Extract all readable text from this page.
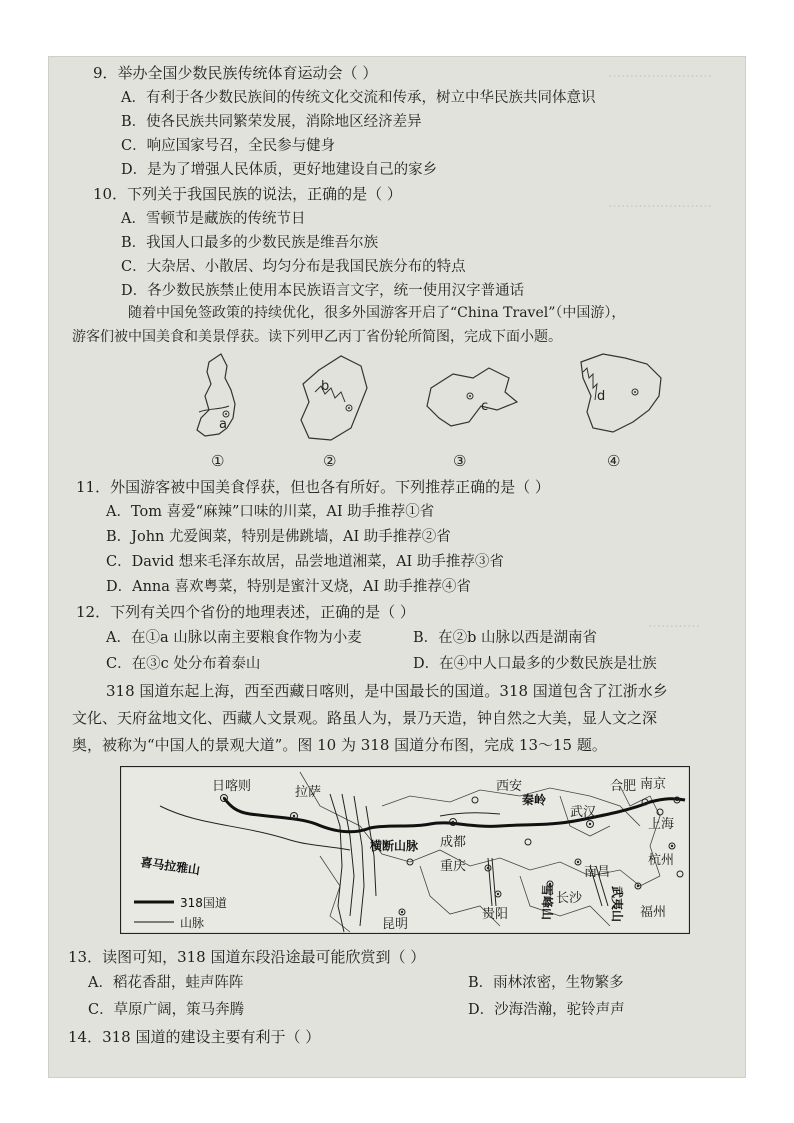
……………………
……………………
…………
9．举办全国少数民族传统体育运动会（ ）
A．有利于各少数民族间的传统文化交流和传承，树立中华民族共同体意识
B．使各民族共同繁荣发展，消除地区经济差异
C．响应国家号召，全民参与健身
D．是为了增强人民体质，更好地建设自己的家乡
10．下列关于我国民族的说法，正确的是（ ）
A．雪顿节是藏族的传统节日
B．我国人口最多的少数民族是维吾尔族
C．大杂居、小散居、均匀分布是我国民族分布的特点
D．各少数民族禁止使用本民族语言文字，统一使用汉字普通话
随着中国免签政策的持续优化，很多外国游客开启了“China Travel”（中国游），
游客们被中国美食和美景俘获。读下列甲乙丙丁省份轮所简图，完成下面小题。
a
①
b
②
c
③
d
④
11．外国游客被中国美食俘获，但也各有所好。下列推荐正确的是（ ）
A．Tom 喜爱“麻辣”口味的川菜，AI 助手推荐①省
B．John 尤爱闽菜，特别是佛跳墙，AI 助手推荐②省
C．David 想来毛泽东故居，品尝地道湘菜，AI 助手推荐③省
D．Anna 喜欢粤菜，特别是蜜汁叉烧，AI 助手推荐④省
12．下列有关四个省份的地理表述，正确的是（ ）
A．在①a 山脉以南主要粮食作物为小麦	B．在②b 山脉以西是湖南省
C．在③c 处分布着泰山	D．在④中人口最多的少数民族是壮族
318 国道东起上海，西至西藏日喀则，是中国最长的国道。318 国道包含了江浙水乡
文化、天府盆地文化、西藏人文景观。路虽人为，景乃天造，钟自然之大美，显人文之深
奥，被称为“中国人的景观大道”。图 10 为 318 国道分布图，完成 13～15 题。
日喀则	拉萨	西安
成都
合肥 南京
武汉
上海
重庆	南昌
杭州
贵阳
长沙
昆明
福州
喜马拉雅山
横断山脉
秦岭
雪峰山	武夷山
318国道
山脉
13．读图可知，318 国道东段沿途最可能欣赏到（ ）
A．稻花香甜，蛙声阵阵	B．雨林浓密，生物繁多
C．草原广阔，策马奔腾	D．沙海浩瀚，驼铃声声
14．318 国道的建设主要有利于（ ）
